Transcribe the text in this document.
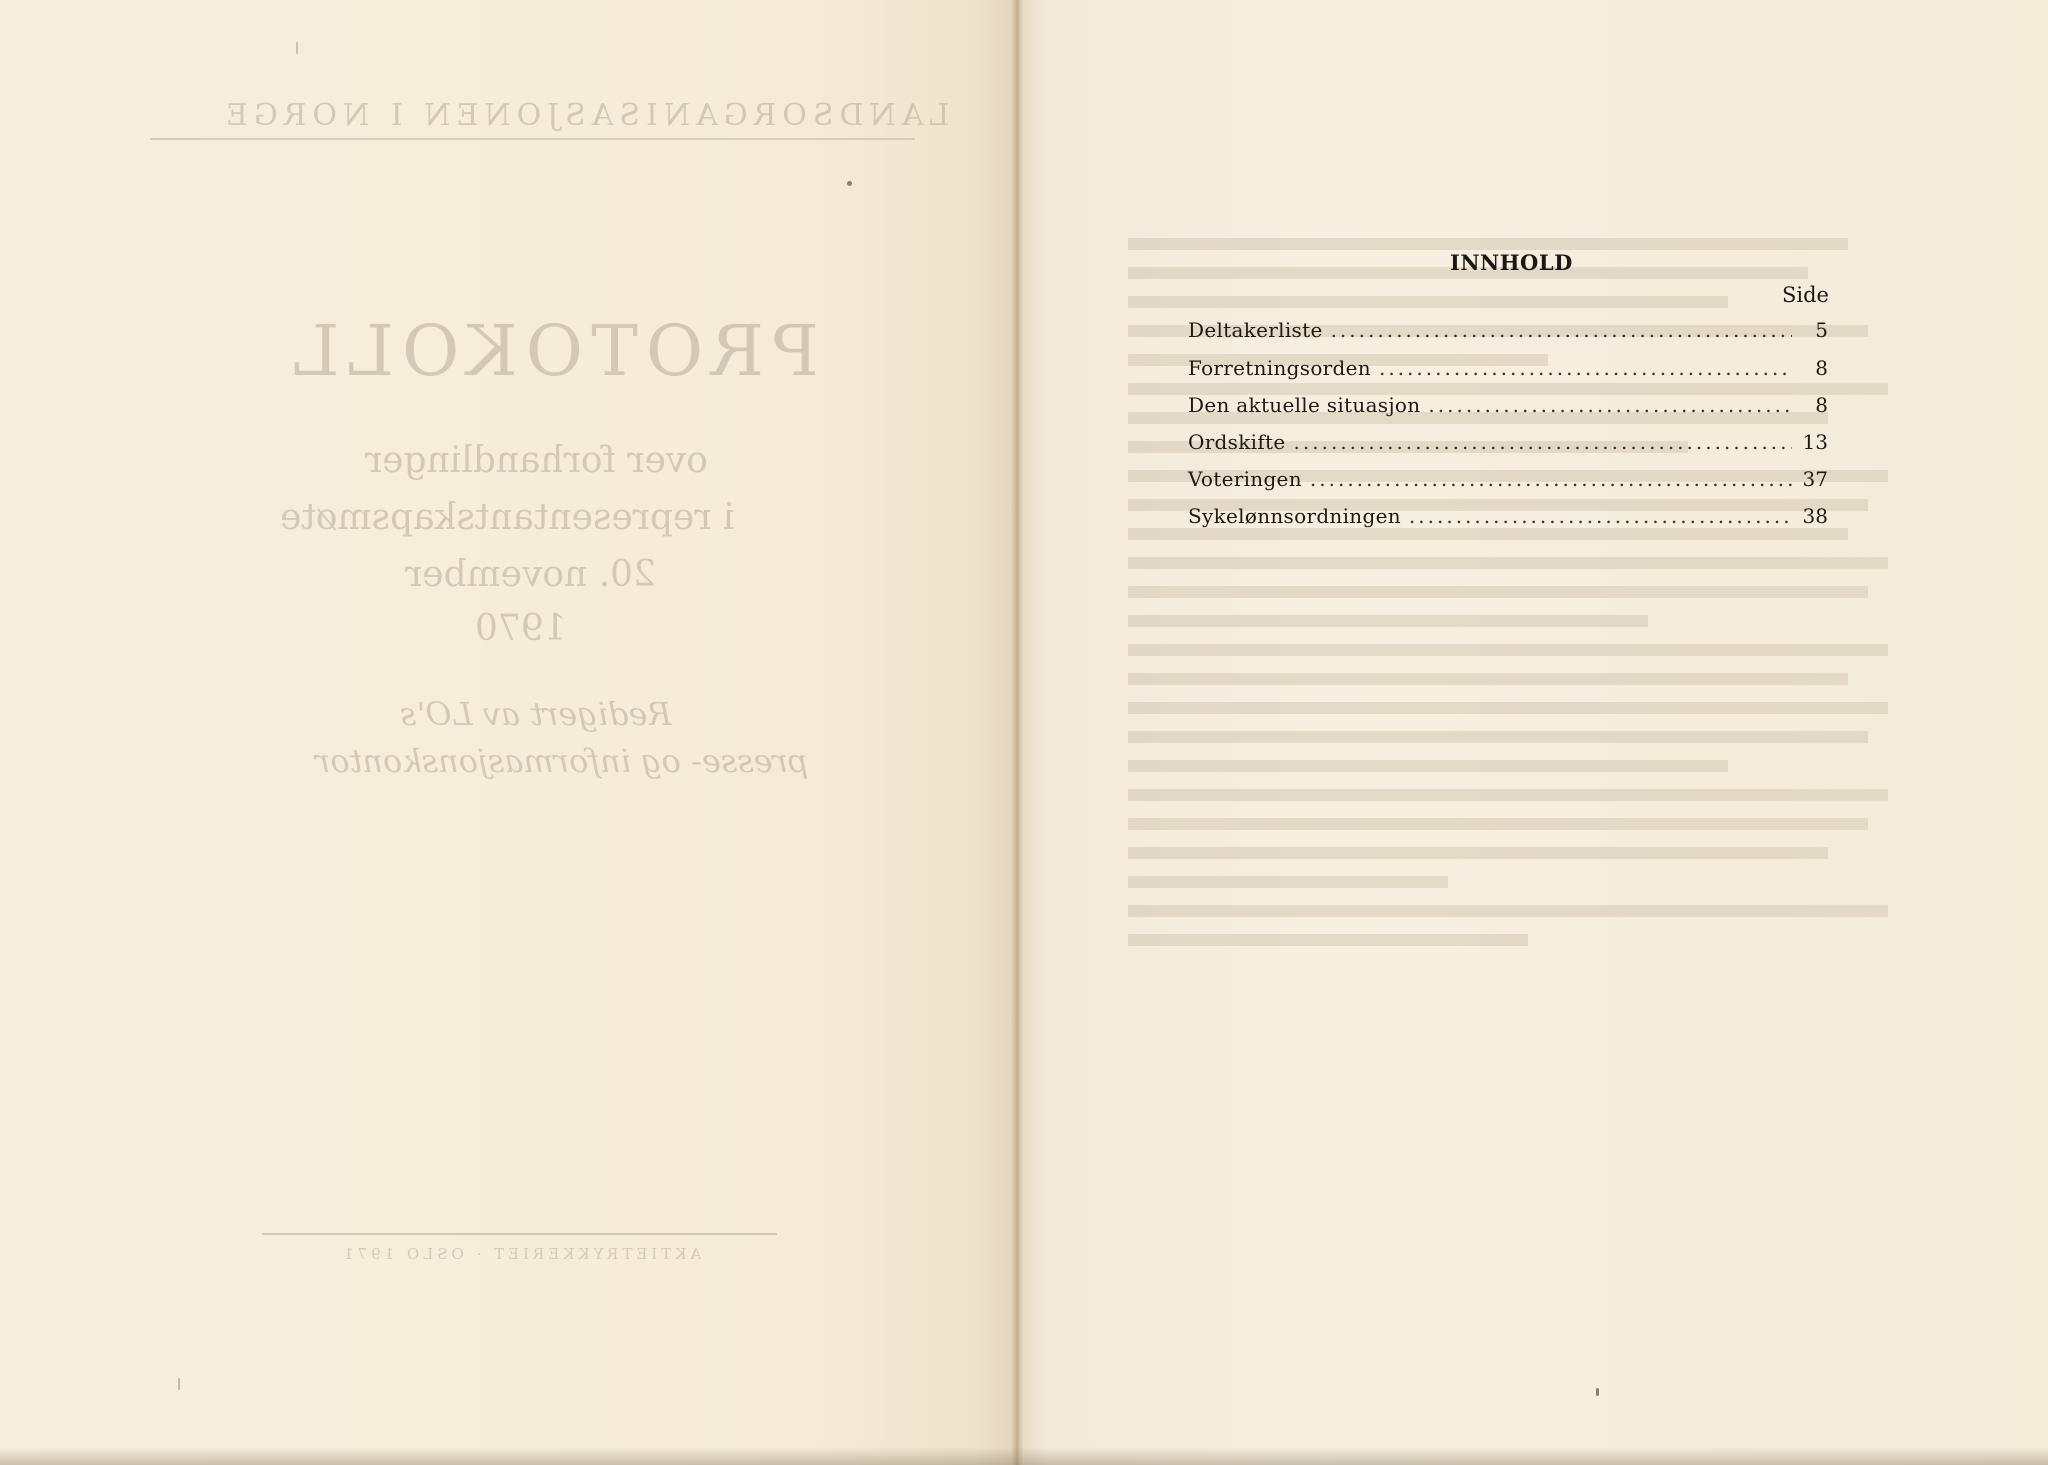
LANDSORGANISASJONEN I NORGE
PROTOKOLL
over forhandlinger
i representantskapsmøte
20. november
1970
Redigert av LO's
presse- og informasjonskontor
AKTIETRYKKERIET · OSLO 1971
INNHOLD
Side
Deltakerliste .....	5
Forretningsorden .....	8
Den aktuelle situasjon .....	8
Ordskifte .....	13
Voteringen .....	37
Sykelønnsordningen .....	38
